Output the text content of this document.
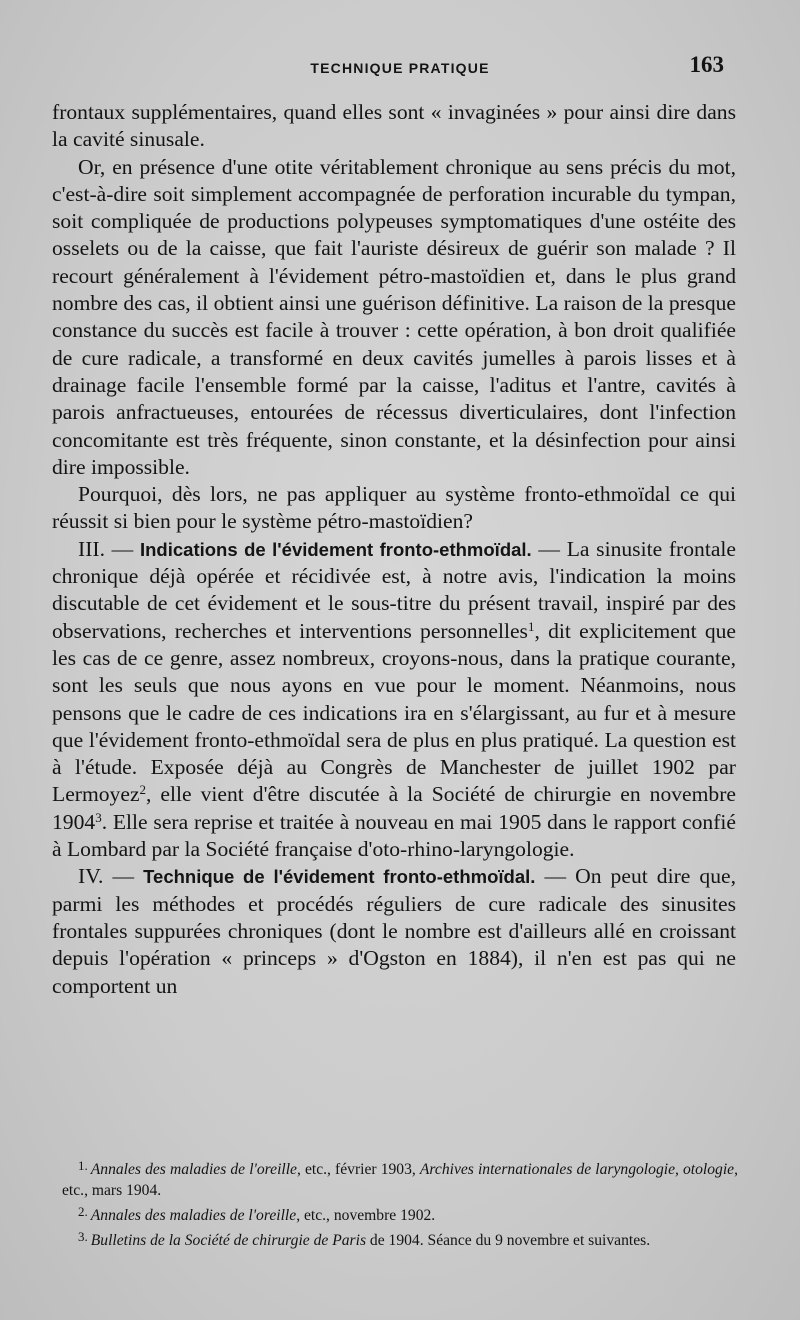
TECHNIQUE PRATIQUE	163

frontaux supplémentaires, quand elles sont « invaginées » pour ainsi dire dans la cavité sinusale.

Or, en présence d'une otite véritablement chronique au sens précis du mot, c'est-à-dire soit simplement accompagnée de perforation incurable du tympan, soit compliquée de productions polypeuses symptomatiques d'une ostéite des osselets ou de la caisse, que fait l'auriste désireux de guérir son malade ? Il recourt généralement à l'évidement pétro-mastoïdien et, dans le plus grand nombre des cas, il obtient ainsi une guérison définitive. La raison de la presque constance du succès est facile à trouver : cette opération, à bon droit qualifiée de cure radicale, a transformé en deux cavités jumelles à parois lisses et à drainage facile l'ensemble formé par la caisse, l'aditus et l'antre, cavités à parois anfractueuses, entourées de récessus diverticulaires, dont l'infection concomitante est très fréquente, sinon constante, et la désinfection pour ainsi dire impossible.

Pourquoi, dès lors, ne pas appliquer au système fronto-ethmoïdal ce qui réussit si bien pour le système pétro-mastoïdien?

III. — Indications de l'évidement fronto-ethmoïdal. — La sinusite frontale chronique déjà opérée et récidivée est, à notre avis, l'indication la moins discutable de cet évidement et le sous-titre du présent travail, inspiré par des observations, recherches et interventions personnelles$^1$, dit explicitement que les cas de ce genre, assez nombreux, croyons-nous, dans la pratique courante, sont les seuls que nous ayons en vue pour le moment. Néanmoins, nous pensons que le cadre de ces indications ira en s'élargissant, au fur et à mesure que l'évidement fronto-ethmoïdal sera de plus en plus pratiqué. La question est à l'étude. Exposée déjà au Congrès de Manchester de juillet 1902 par Lermoyez$^2$, elle vient d'être discutée à la Société de chirurgie en novembre 1904$^3$. Elle sera reprise et traitée à nouveau en mai 1905 dans le rapport confié à Lombard par la Société française d'oto-rhino-laryngologie.

IV. — Technique de l'évidement fronto-ethmoïdal. — On peut dire que, parmi les méthodes et procédés réguliers de cure radicale des sinusites frontales suppurées chroniques (dont le nombre est d'ailleurs allé en croissant depuis l'opération « princeps » d'Ogston en 1884), il n'en est pas qui ne comportent un

$^{1.}$ Annales des maladies de l'oreille, etc., février 1903, Archives internationales de laryngologie, otologie, etc., mars 1904.

$^{2.}$ Annales des maladies de l'oreille, etc., novembre 1902.

$^{3.}$ Bulletins de la Société de chirurgie de Paris de 1904. Séance du 9 novembre et suivantes.
